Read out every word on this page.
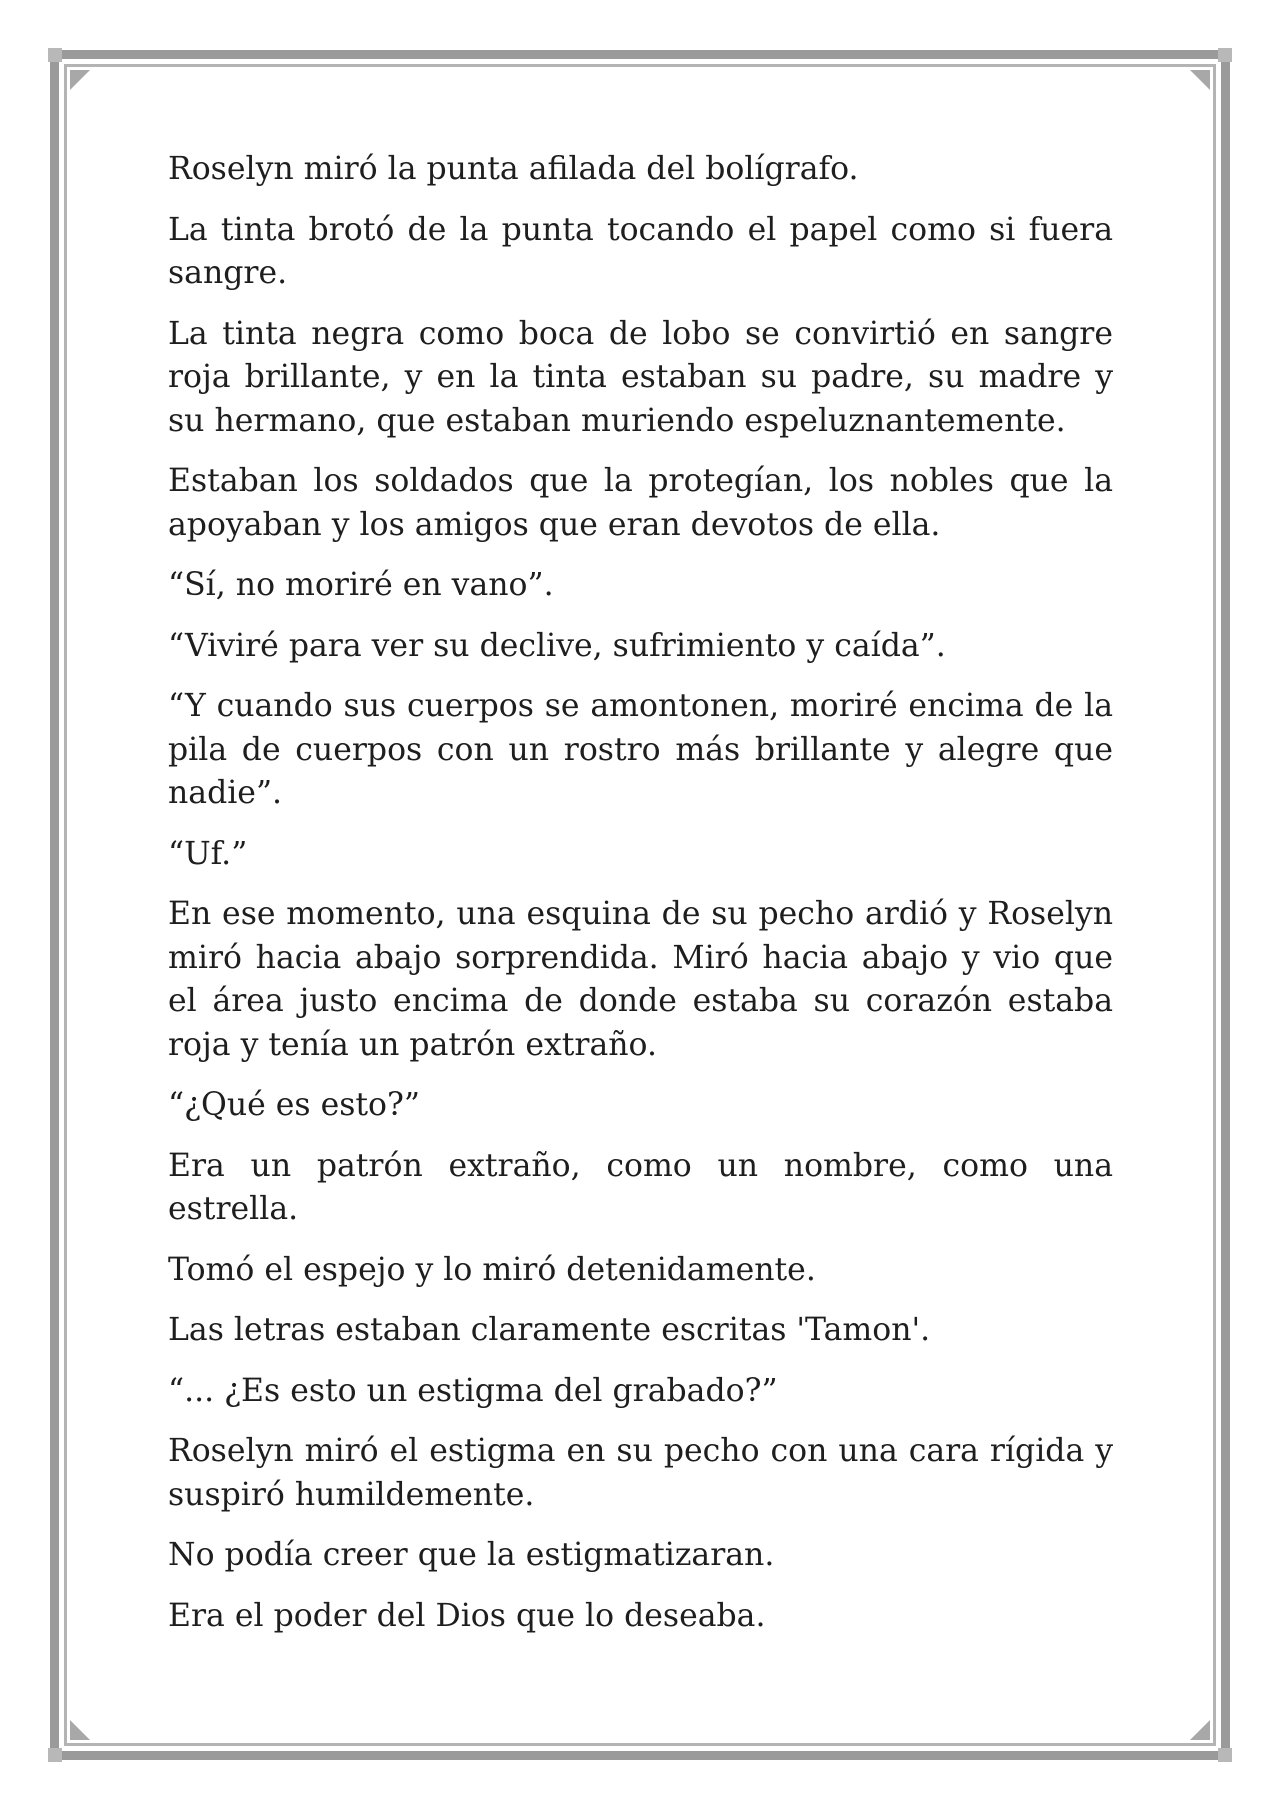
Roselyn miró la punta afilada del bolígrafo.

La tinta brotó de la punta tocando el papel como si fuera sangre.

La tinta negra como boca de lobo se convirtió en sangre roja brillante, y en la tinta estaban su padre, su madre y su hermano, que estaban muriendo espeluznantemente.

Estaban los soldados que la protegían, los nobles que la apoyaban y los amigos que eran devotos de ella.

“Sí, no moriré en vano”.

“Viviré para ver su declive, sufrimiento y caída”.

“Y cuando sus cuerpos se amontonen, moriré encima de la pila de cuerpos con un rostro más brillante y alegre que nadie”.

“Uf.”

En ese momento, una esquina de su pecho ardió y Roselyn miró hacia abajo sorprendida. Miró hacia abajo y vio que el área justo encima de donde estaba su corazón estaba roja y tenía un patrón extraño.

“¿Qué es esto?”

Era un patrón extraño, como un nombre, como una estrella.

Tomó el espejo y lo miró detenidamente.

Las letras estaban claramente escritas 'Tamon'.

“... ¿Es esto un estigma del grabado?”

Roselyn miró el estigma en su pecho con una cara rígida y suspiró humildemente.

No podía creer que la estigmatizaran.

Era el poder del Dios que lo deseaba.
